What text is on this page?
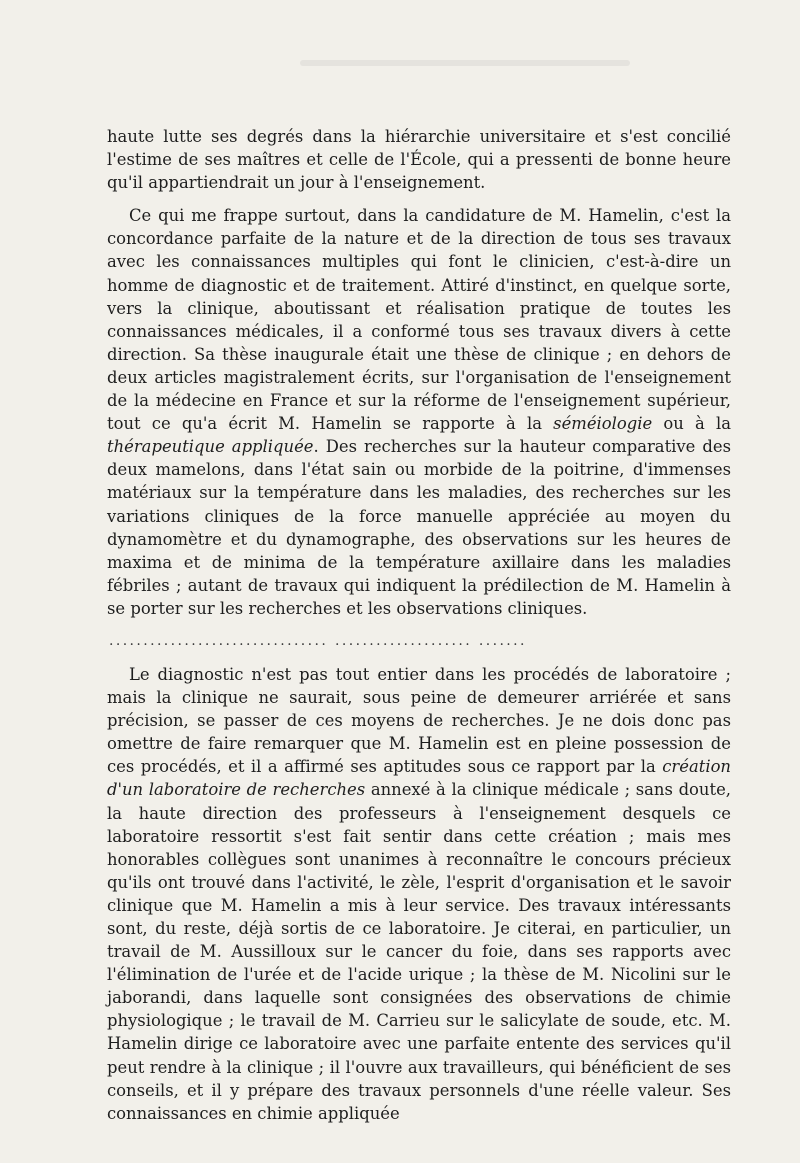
haute lutte ses degrés dans la hiérarchie universitaire et s'est concilié l'estime de ses maîtres et celle de l'École, qui a pressenti de bonne heure qu'il appartiendrait un jour à l'enseignement.

Ce qui me frappe surtout, dans la candidature de M. Hamelin, c'est la concordance parfaite de la nature et de la direction de tous ses travaux avec les connaissances multiples qui font le clinicien, c'est-à-dire un homme de diagnostic et de traitement. Attiré d'instinct, en quelque sorte, vers la clinique, aboutissant et réalisation pratique de toutes les connaissances médicales, il a conformé tous ses travaux divers à cette direction. Sa thèse inaugurale était une thèse de clinique ; en dehors de deux articles magistralement écrits, sur l'organisation de l'enseignement de la médecine en France et sur la réforme de l'enseignement supérieur, tout ce qu'a écrit M. Hamelin se rapporte à la séméiologie ou à la thérapeutique appliquée. Des recherches sur la hauteur comparative des deux mamelons, dans l'état sain ou morbide de la poitrine, d'immenses matériaux sur la température dans les maladies, des recherches sur les variations cliniques de la force manuelle appréciée au moyen du dynamomètre et du dynamographe, des observations sur les heures de maxima et de minima de la température axillaire dans les maladies fébriles ; autant de travaux qui indiquent la prédilection de M. Hamelin à se porter sur les recherches et les observations cliniques.

................................ .................... .......

Le diagnostic n'est pas tout entier dans les procédés de laboratoire ; mais la clinique ne saurait, sous peine de demeurer arriérée et sans précision, se passer de ces moyens de recherches. Je ne dois donc pas omettre de faire remarquer que M. Hamelin est en pleine possession de ces procédés, et il a affirmé ses aptitudes sous ce rapport par la création d'un laboratoire de recherches annexé à la clinique médicale ; sans doute, la haute direction des professeurs à l'enseignement desquels ce laboratoire ressortit s'est fait sentir dans cette création ; mais mes honorables collègues sont unanimes à reconnaître le concours précieux qu'ils ont trouvé dans l'activité, le zèle, l'esprit d'organisation et le savoir clinique que M. Hamelin a mis à leur service. Des travaux intéressants sont, du reste, déjà sortis de ce laboratoire. Je citerai, en particulier, un travail de M. Aussilloux sur le cancer du foie, dans ses rapports avec l'élimination de l'urée et de l'acide urique ; la thèse de M. Nicolini sur le jaborandi, dans laquelle sont consignées des observations de chimie physiologique ; le travail de M. Carrieu sur le salicylate de soude, etc. M. Hamelin dirige ce laboratoire avec une parfaite entente des services qu'il peut rendre à la clinique ; il l'ouvre aux travailleurs, qui bénéficient de ses conseils, et il y prépare des travaux personnels d'une réelle valeur. Ses connaissances en chimie appliquée
